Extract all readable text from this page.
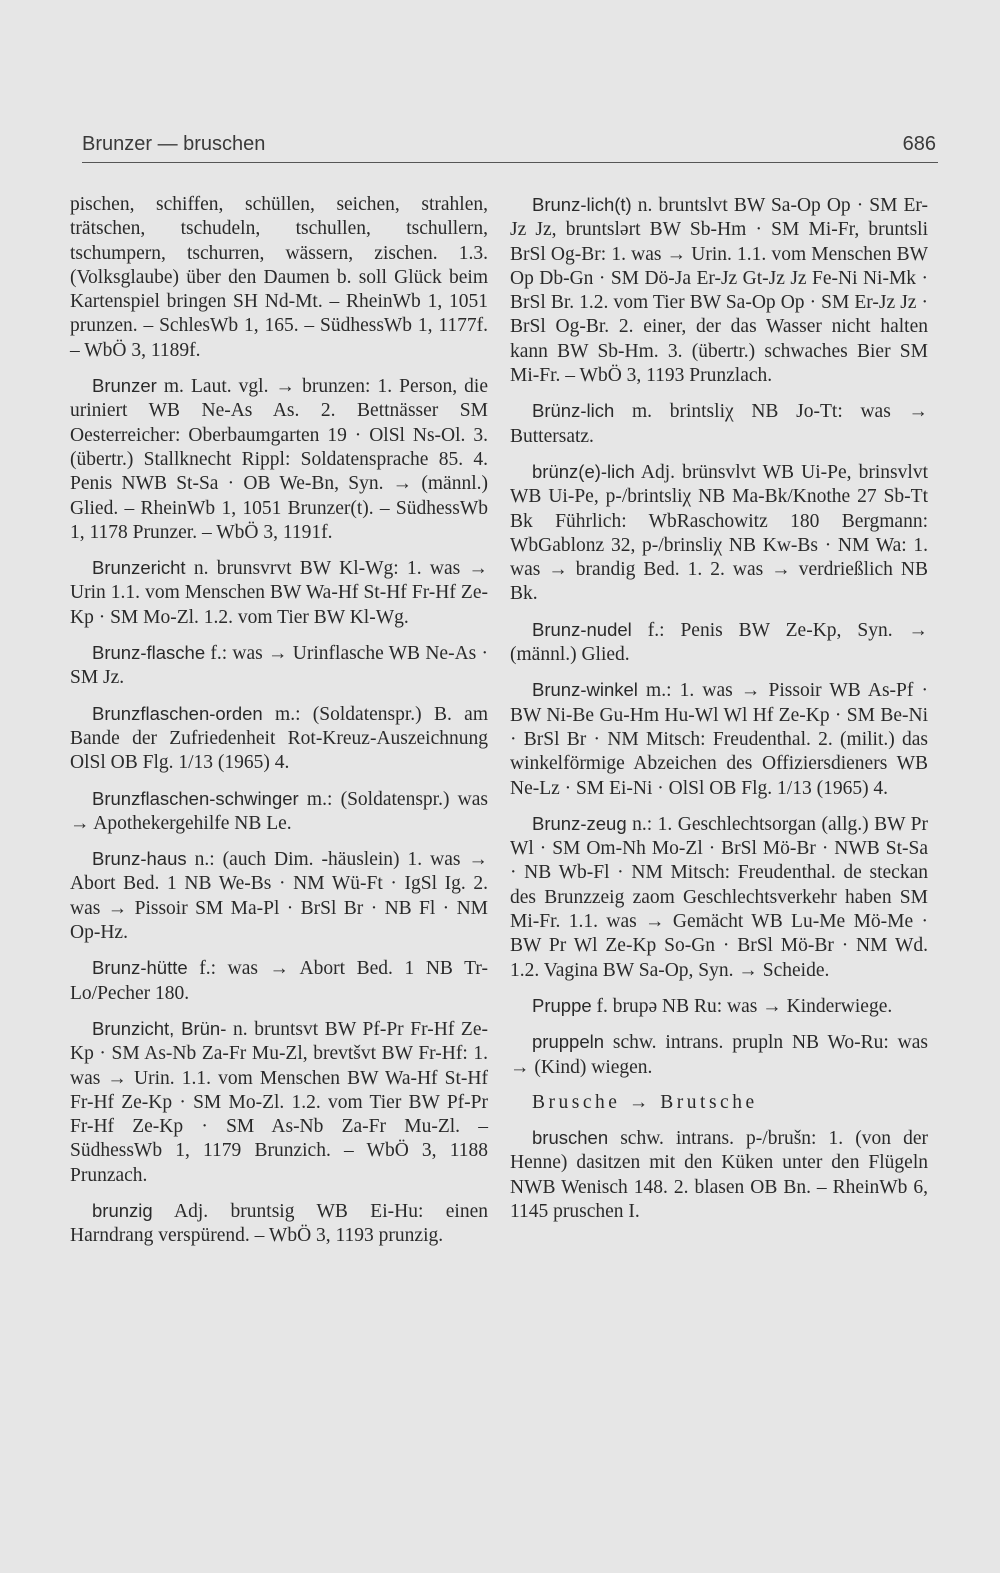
Brunzer — bruschen	686

pischen, schiffen, schüllen, seichen, strahlen, trätschen, tschudeln, tschullen, tschullern, tschumpern, tschurren, wässern, zischen. 1.3. (Volksglaube) über den Daumen b. soll Glück beim Kartenspiel bringen SH Nd-Mt. – RheinWb 1, 1051 prunzen. – SchlesWb 1, 165. – SüdhessWb 1, 1177f. – WbÖ 3, 1189f.

Brunzer m. Laut. vgl. → brunzen: 1. Person, die uriniert WB Ne-As As. 2. Bettnässer SM Oesterreicher: Oberbaumgarten 19 · OlSl Ns-Ol. 3. (übertr.) Stallknecht Rippl: Soldatensprache 85. 4. Penis NWB St-Sa · OB We-Bn, Syn. → (männl.) Glied. – RheinWb 1, 1051 Brunzer(t). – SüdhessWb 1, 1178 Prunzer. – WbÖ 3, 1191f.

Brunzericht n. brunsvrvt BW Kl-Wg: 1. was → Urin 1.1. vom Menschen BW Wa-Hf St-Hf Fr-Hf Ze-Kp · SM Mo-Zl. 1.2. vom Tier BW Kl-Wg.

Brunz-flasche f.: was → Urinflasche WB Ne-As · SM Jz.

Brunzflaschen-orden m.: (Soldatenspr.) B. am Bande der Zufriedenheit Rot-Kreuz-Auszeichnung OlSl OB Flg. 1/13 (1965) 4.

Brunzflaschen-schwinger m.: (Soldatenspr.) was → Apothekergehilfe NB Le.

Brunz-haus n.: (auch Dim. -häuslein) 1. was → Abort Bed. 1 NB We-Bs · NM Wü-Ft · IgSl Ig. 2. was → Pissoir SM Ma-Pl · BrSl Br · NB Fl · NM Op-Hz.

Brunz-hütte f.: was → Abort Bed. 1 NB Tr-Lo/Pecher 180.

Brunzicht, Brün- n. bruntsvt BW Pf-Pr Fr-Hf Ze-Kp · SM As-Nb Za-Fr Mu-Zl, brevtšvt BW Fr-Hf: 1. was → Urin. 1.1. vom Menschen BW Wa-Hf St-Hf Fr-Hf Ze-Kp · SM Mo-Zl. 1.2. vom Tier BW Pf-Pr Fr-Hf Ze-Kp · SM As-Nb Za-Fr Mu-Zl. – SüdhessWb 1, 1179 Brunzich. – WbÖ 3, 1188 Prunzach.

brunzig Adj. bruntsig WB Ei-Hu: einen Harndrang verspürend. – WbÖ 3, 1193 prunzig.

Brunz-lich(t) n. bruntslvt BW Sa-Op Op · SM Er-Jz Jz, bruntslərt BW Sb-Hm · SM Mi-Fr, bruntsli BrSl Og-Br: 1. was → Urin. 1.1. vom Menschen BW Op Db-Gn · SM Dö-Ja Er-Jz Gt-Jz Jz Fe-Ni Ni-Mk · BrSl Br. 1.2. vom Tier BW Sa-Op Op · SM Er-Jz Jz · BrSl Og-Br. 2. einer, der das Wasser nicht halten kann BW Sb-Hm. 3. (übertr.) schwaches Bier SM Mi-Fr. – WbÖ 3, 1193 Prunzlach.

Brünz-lich m. brintsliχ NB Jo-Tt: was → Buttersatz.

brünz(e)-lich Adj. brünsvlvt WB Ui-Pe, brinsvlvt WB Ui-Pe, p-/brintsliχ NB Ma-Bk/Knothe 27 Sb-Tt Bk Führlich: WbRaschowitz 180 Bergmann: WbGablonz 32, p-/brinsliχ NB Kw-Bs · NM Wa: 1. was → brandig Bed. 1. 2. was → verdrießlich NB Bk.

Brunz-nudel f.: Penis BW Ze-Kp, Syn. → (männl.) Glied.

Brunz-winkel m.: 1. was → Pissoir WB As-Pf · BW Ni-Be Gu-Hm Hu-Wl Wl Hf Ze-Kp · SM Be-Ni · BrSl Br · NM Mitsch: Freudenthal. 2. (milit.) das winkelförmige Abzeichen des Offiziersdieners WB Ne-Lz · SM Ei-Ni · OlSl OB Flg. 1/13 (1965) 4.

Brunz-zeug n.: 1. Geschlechtsorgan (allg.) BW Pr Wl · SM Om-Nh Mo-Zl · BrSl Mö-Br · NWB St-Sa · NB Wb-Fl · NM Mitsch: Freudenthal. de steckan des Brunzzeig zaom Geschlechtsverkehr haben SM Mi-Fr. 1.1. was → Gemächt WB Lu-Me Mö-Me · BW Pr Wl Ze-Kp So-Gn · BrSl Mö-Br · NM Wd. 1.2. Vagina BW Sa-Op, Syn. → Scheide.

Pruppe f. brupə NB Ru: was → Kinderwiege.

pruppeln schw. intrans. prupln NB Wo-Ru: was → (Kind) wiegen.

Brusche → Brutsche

bruschen schw. intrans. p-/brušn: 1. (von der Henne) dasitzen mit den Küken unter den Flügeln NWB Wenisch 148. 2. blasen OB Bn. – RheinWb 6, 1145 pruschen I.
